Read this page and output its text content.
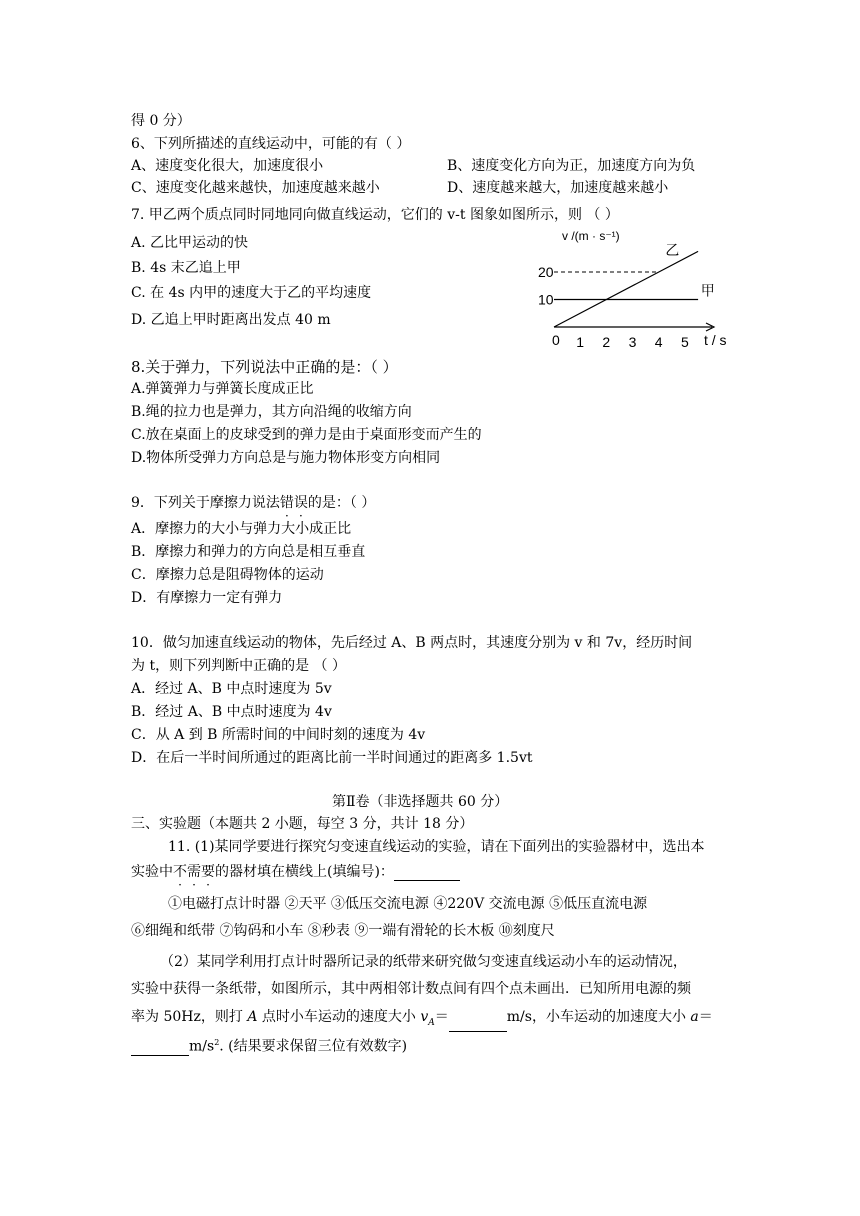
得 0 分）
6、下列所描述的直线运动中，可能的有（ ）
A、速度变化很大，加速度很小	B、速度变化方向为正，加速度方向为负
C、速度变化越来越快，加速度越来越小	D、速度越来越大，加速度越来越小
7. 甲乙两个质点同时同地同向做直线运动，它们的 v-t 图象如图所示，则 （ ）
A. 乙比甲运动的快
B. 4s 末乙追上甲
C. 在 4s 内甲的速度大于乙的平均速度
D. 乙追上甲时距离出发点 40 m
甲
乙
10
20
1 2 3 4 5
0	t / s
v /(m · s⁻¹)
8.关于弹力，下列说法中正确的是：（ ）
A.弹簧弹力与弹簧长度成正比
B.绳的拉力也是弹力，其方向沿绳的收缩方向
C.放在桌面上的皮球受到的弹力是由于桌面形变而产生的
D.物体所受弹力方向总是与施力物体形变方向相同
9．下列关于摩擦力说法错误的是：（ ）
A．摩擦力的大小与弹力大小成正比
B．摩擦力和弹力的方向总是相互垂直
C．摩擦力总是阻碍物体的运动
D．有摩擦力一定有弹力
10．做匀加速直线运动的物体，先后经过 A、B 两点时，其速度分别为 v 和 7v，经历时间
为 t，则下列判断中正确的是 （ ）
A．经过 A、B 中点时速度为 5v
B．经过 A、B 中点时速度为 4v
C．从 A 到 B 所需时间的中间时刻的速度为 4v
D．在后一半时间所通过的距离比前一半时间通过的距离多 1.5vt
第Ⅱ卷（非选择题共 60 分）
三、实验题（本题共 2 小题，每空 3 分，共计 18 分）
11. (1)某同学要进行探究匀变速直线运动的实验，请在下面列出的实验器材中，选出本
实验中不需要的器材填在横线上(填编号)：
①电磁打点计时器 ②天平 ③低压交流电源 ④220V 交流电源 ⑤低压直流电源
⑥细绳和纸带 ⑦钩码和小车 ⑧秒表 ⑨一端有滑轮的长木板 ⑩刻度尺
（2）某同学利用打点计时器所记录的纸带来研究做匀变速直线运动小车的运动情况，
实验中获得一条纸带，如图所示，其中两相邻计数点间有四个点未画出．已知所用电源的频
率为 50Hz，则打 A 点时小车运动的速度大小 $v_A=$	m/s，小车运动的加速度大小 a＝
$m/s^2$. (结果要求保留三位有效数字)
